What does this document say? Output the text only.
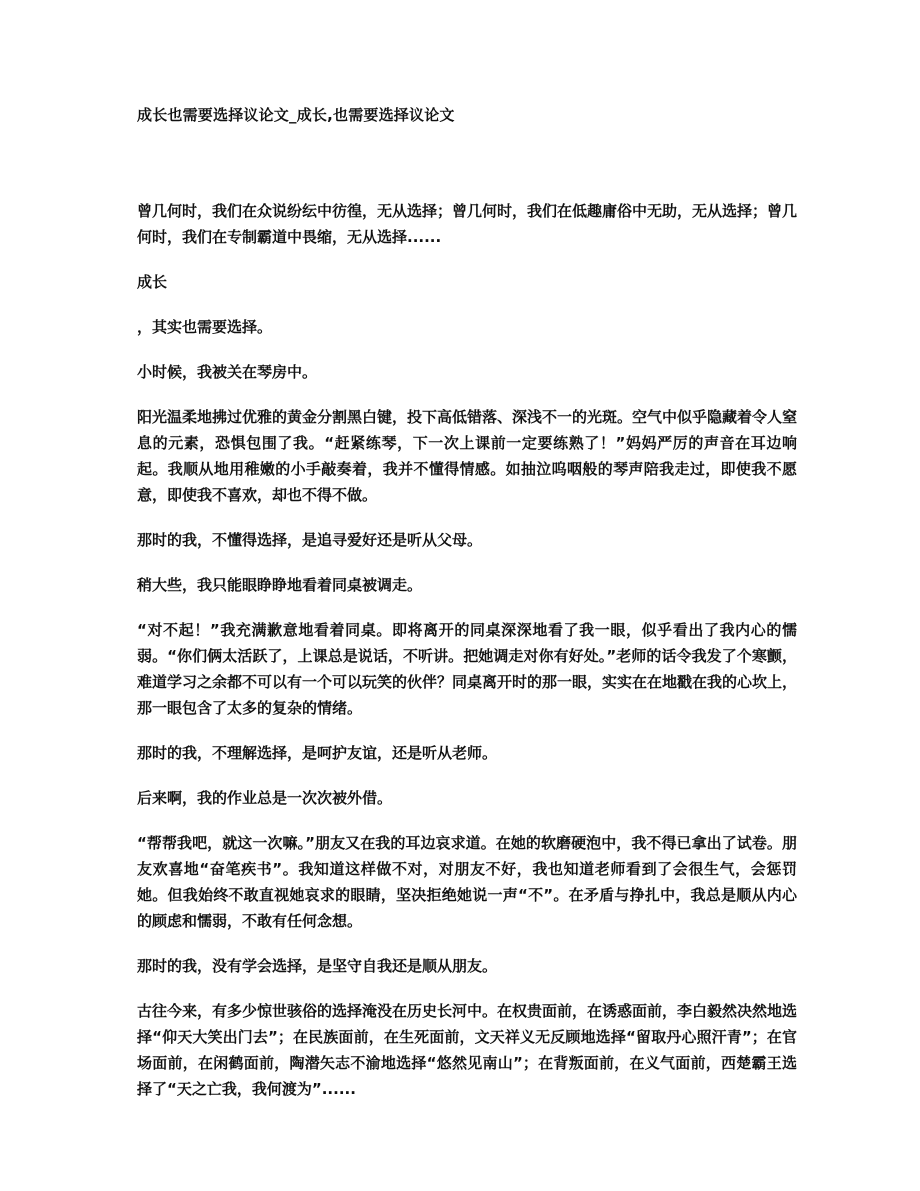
成长也需要选择议论文_成长,也需要选择议论文

曾几何时，我们在众说纷纭中彷徨，无从选择；曾几何时，我们在低趣庸俗中无助，无从选择；曾几何时，我们在专制霸道中畏缩，无从选择......

成长

，其实也需要选择。

小时候，我被关在琴房中。

阳光温柔地拂过优雅的黄金分割黑白键，投下高低错落、深浅不一的光斑。空气中似乎隐藏着令人窒息的元素，恐惧包围了我。“赶紧练琴，下一次上课前一定要练熟了！”妈妈严厉的声音在耳边响起。我顺从地用稚嫩的小手敲奏着，我并不懂得情感。如抽泣呜咽般的琴声陪我走过，即使我不愿意，即使我不喜欢，却也不得不做。

那时的我，不懂得选择，是追寻爱好还是听从父母。

稍大些，我只能眼睁睁地看着同桌被调走。

“对不起！”我充满歉意地看着同桌。即将离开的同桌深深地看了我一眼，似乎看出了我内心的懦弱。“你们俩太活跃了，上课总是说话，不听讲。把她调走对你有好处。”老师的话令我发了个寒颤，难道学习之余都不可以有一个可以玩笑的伙伴？同桌离开时的那一眼，实实在在地戳在我的心坎上，那一眼包含了太多的复杂的情绪。

那时的我，不理解选择，是呵护友谊，还是听从老师。

后来啊，我的作业总是一次次被外借。

“帮帮我吧，就这一次嘛。”朋友又在我的耳边哀求道。在她的软磨硬泡中，我不得已拿出了试卷。朋友欢喜地“奋笔疾书”。我知道这样做不对，对朋友不好，我也知道老师看到了会很生气，会惩罚她。但我始终不敢直视她哀求的眼睛，坚决拒绝她说一声“不”。在矛盾与挣扎中，我总是顺从内心的顾虑和懦弱，不敢有任何念想。

那时的我，没有学会选择，是坚守自我还是顺从朋友。

古往今来，有多少惊世骇俗的选择淹没在历史长河中。在权贵面前，在诱惑面前，李白毅然决然地选择“仰天大笑出门去”；在民族面前，在生死面前，文天祥义无反顾地选择“留取丹心照汗青”；在官场面前，在闲鹤面前，陶潜矢志不渝地选择“悠然见南山”；在背叛面前，在义气面前，西楚霸王选择了“天之亡我，我何渡为”......
